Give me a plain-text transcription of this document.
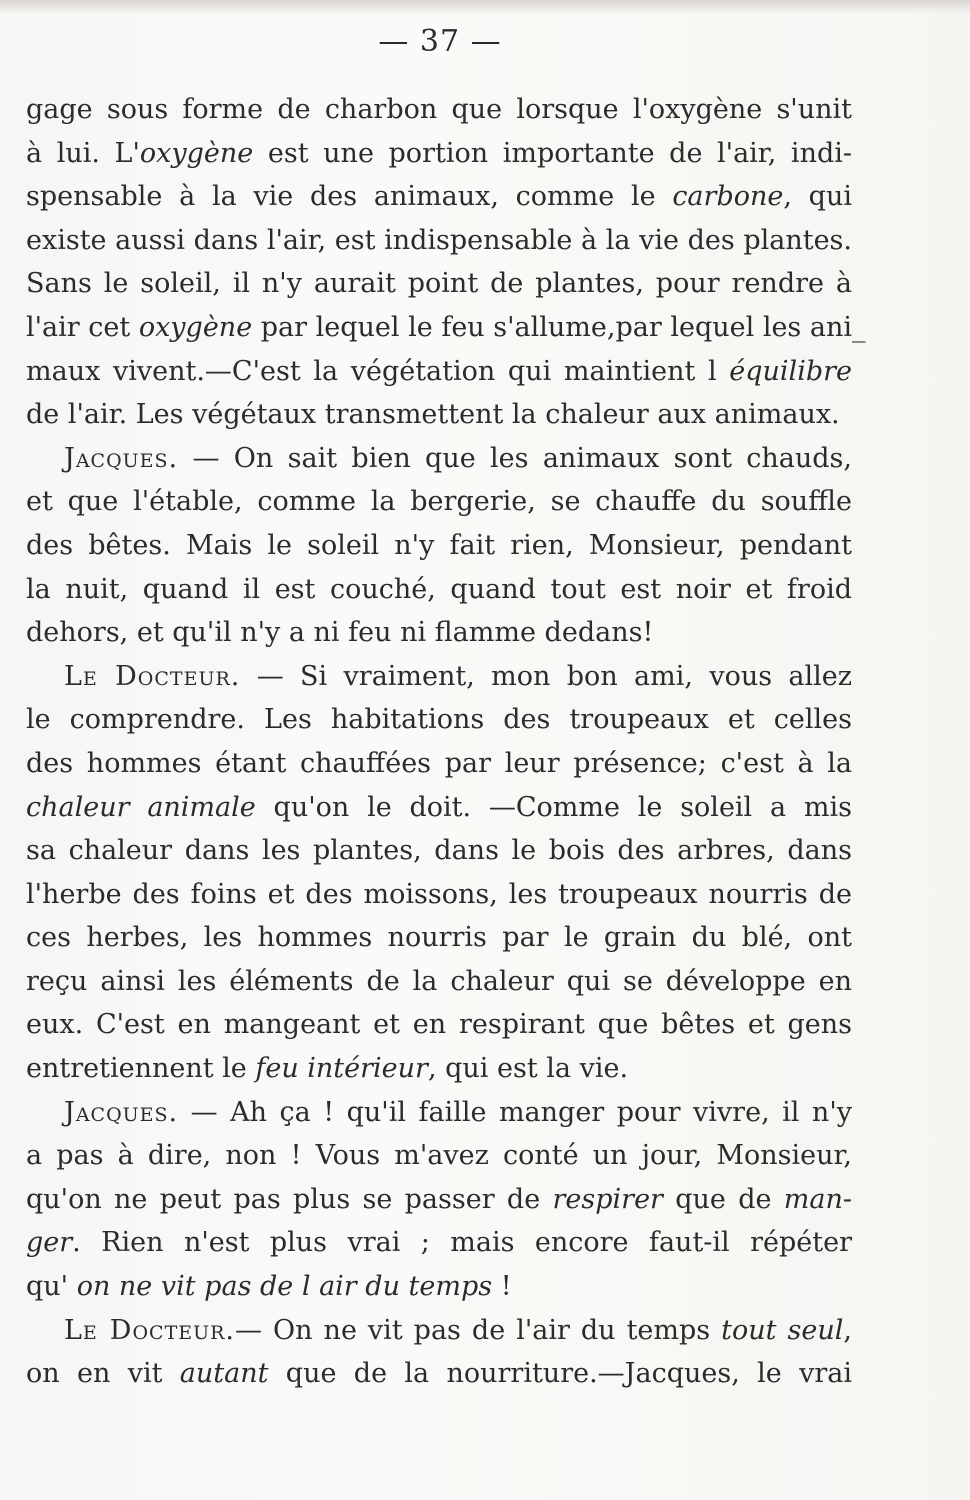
— 37 —
gage sous forme de charbon que lorsque l'oxygène s'unit
à lui. L'oxygène est une portion importante de l'air, indi-
spensable à la vie des animaux, comme le carbone, qui
existe aussi dans l'air, est indispensable à la vie des plantes.
Sans le soleil, il n'y aurait point de plantes, pour rendre à
l'air cet oxygène par lequel le feu s'allume,par lequel les ani_
maux vivent.—C'est la végétation qui maintient l équilibre
de l'air. Les végétaux transmettent la chaleur aux animaux.
Jacques. — On sait bien que les animaux sont chauds,
et que l'étable, comme la bergerie, se chauffe du souffle
des bêtes. Mais le soleil n'y fait rien, Monsieur, pendant
la nuit, quand il est couché, quand tout est noir et froid
dehors, et qu'il n'y a ni feu ni flamme dedans!
Le Docteur. — Si vraiment, mon bon ami, vous allez
le comprendre. Les habitations des troupeaux et celles
des hommes étant chauffées par leur présence; c'est à la
chaleur animale qu'on le doit. —Comme le soleil a mis
sa chaleur dans les plantes, dans le bois des arbres, dans
l'herbe des foins et des moissons, les troupeaux nourris de
ces herbes, les hommes nourris par le grain du blé, ont
reçu ainsi les éléments de la chaleur qui se développe en
eux. C'est en mangeant et en respirant que bêtes et gens
entretiennent le feu intérieur, qui est la vie.
Jacques. — Ah ça ! qu'il faille manger pour vivre, il n'y
a pas à dire, non ! Vous m'avez conté un jour, Monsieur,
qu'on ne peut pas plus se passer de respirer que de man-
ger. Rien n'est plus vrai ; mais encore faut-il répéter
qu' on ne vit pas de l air du temps !
Le Docteur.— On ne vit pas de l'air du temps tout seul,
on en vit autant que de la nourriture.—Jacques, le vrai
